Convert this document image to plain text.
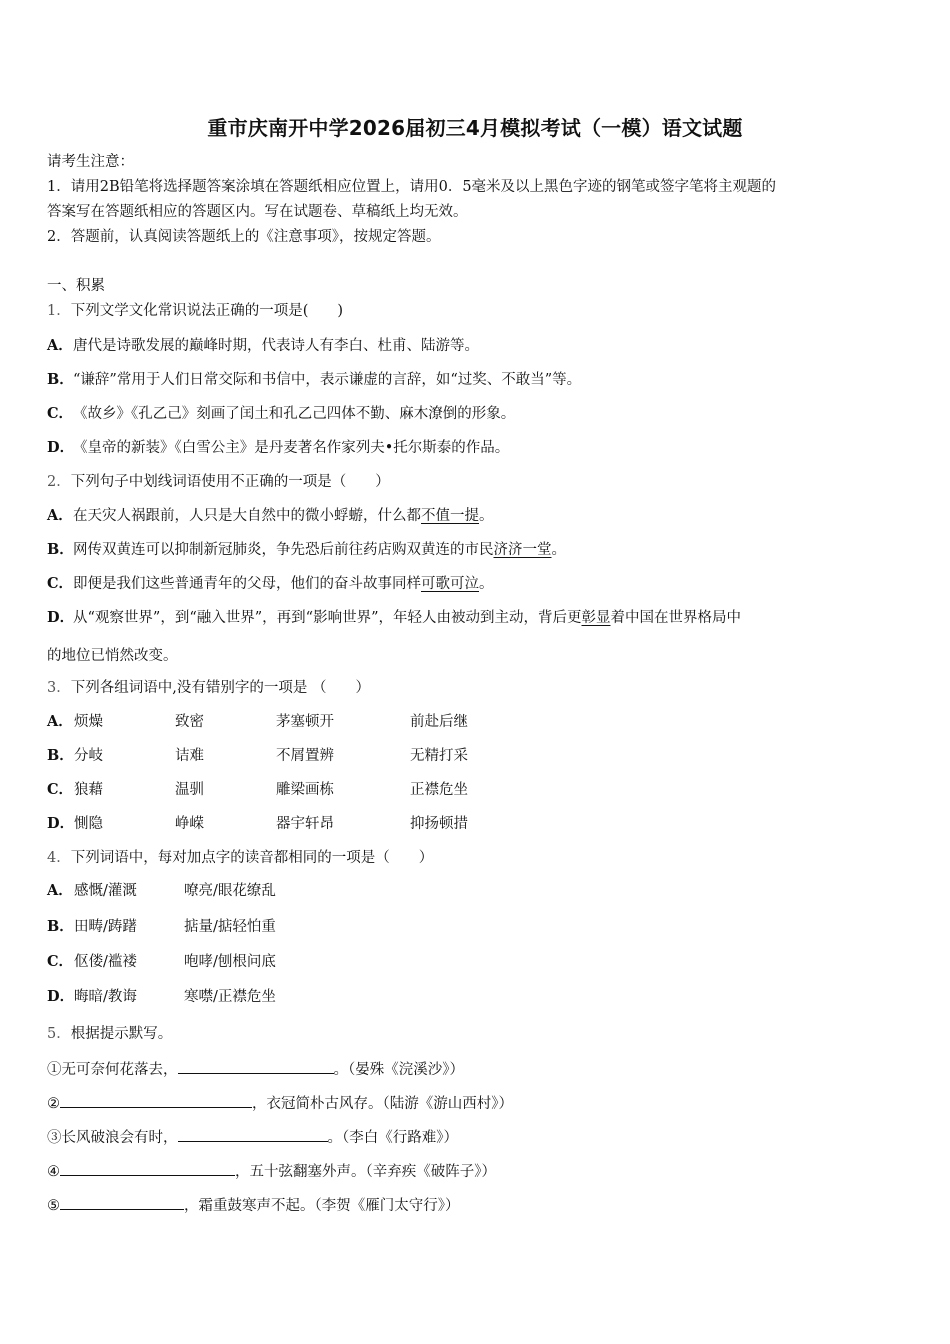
重市庆南开中学2026届初三4月模拟考试（一模）语文试题
请考生注意：
1．请用2B铅笔将选择题答案涂填在答题纸相应位置上，请用0．5毫米及以上黑色字迹的钢笔或签字笔将主观题的
答案写在答题纸相应的答题区内。写在试题卷、草稿纸上均无效。
2．答题前，认真阅读答题纸上的《注意事项》，按规定答题。
一、积累
1．下列文学文化常识说法正确的一项是(　　)
A．唐代是诗歌发展的巅峰时期，代表诗人有李白、杜甫、陆游等。
B．“谦辞”常用于人们日常交际和书信中，表示谦虚的言辞，如“过奖、不敢当”等。
C．《故乡》《孔乙己》刻画了闰土和孔乙己四体不勤、麻木潦倒的形象。
D．《皇帝的新装》《白雪公主》是丹麦著名作家列夫•托尔斯泰的作品。
2．下列句子中划线词语使用不正确的一项是（　　）
A．在天灾人祸跟前，人只是大自然中的微小蜉蝣，什么都不值一提。
B．网传双黄连可以抑制新冠肺炎，争先恐后前往药店购双黄连的市民济济一堂。
C．即便是我们这些普通青年的父母，他们的奋斗故事同样可歌可泣。
D．从“观察世界”，到“融入世界”，再到“影响世界”，年轻人由被动到主动，背后更彰显着中国在世界格局中
的地位已悄然改变。
3．下列各组词语中,没有错别字的一项是 （　　）
A． 烦燥	致密	茅塞顿开	前赴后继
B． 分岐	诘难	不屑置辨	无精打采
C． 狼藉	温驯	雕梁画栋	正襟危坐
D． 惻隐	峥嵘	器宇轩昂	抑扬顿措
4．下列词语中，每对加点字的读音都相同的一项是（　　）
A． 感慨/灌溉	嘹亮/眼花缭乱
B． 田畴/踌躇	掂量/掂轻怕重
C． 伛偻/褴褛	咆哮/刨根问底
D． 晦暗/教诲	寒噤/正襟危坐
5．根据提示默写。
①无可奈何花落去，	。（晏殊《浣溪沙》）
②	，衣冠简朴古风存。（陆游《游山西村》）
③长风破浪会有时，	。（李白《行路难》）
④	，五十弦翻塞外声。（辛弃疾《破阵子》）
⑤	，霜重鼓寒声不起。（李贺《雁门太守行》）
